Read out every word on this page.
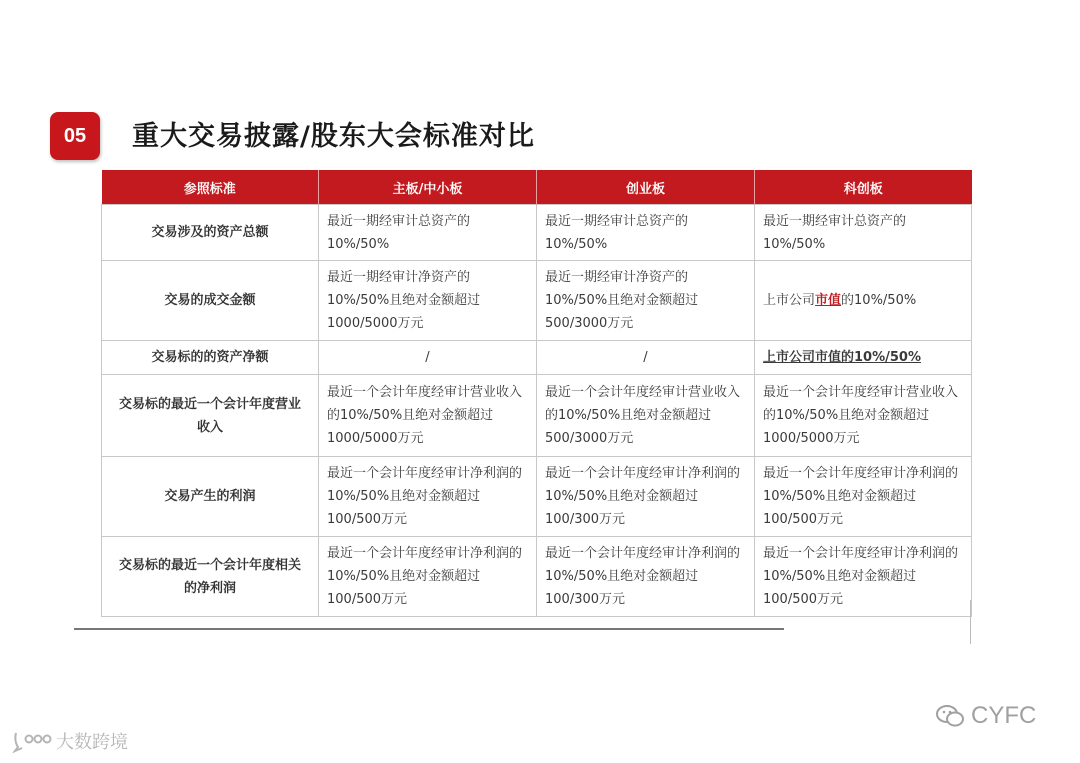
05	重大交易披露/股东大会标准对比
参照标准	主板/中小板	创业板	科创板
交易涉及的资产总额	最近一期经审计总资产的10%/50%	最近一期经审计总资产的10%/50%	最近一期经审计总资产的10%/50%
交易的成交金额	最近一期经审计净资产的10%/50%且绝对金额超过1000/5000万元	最近一期经审计净资产的10%/50%且绝对金额超过500/3000万元	上市公司市值的10%/50%
交易标的的资产净额	/	/	上市公司市值的10%/50%
交易标的最近一个会计年度营业收入	最近一个会计年度经审计营业收入的10%/50%且绝对金额超过1000/5000万元	最近一个会计年度经审计营业收入的10%/50%且绝对金额超过500/3000万元	最近一个会计年度经审计营业收入的10%/50%且绝对金额超过1000/5000万元
交易产生的利润	最近一个会计年度经审计净利润的10%/50%且绝对金额超过100/500万元	最近一个会计年度经审计净利润的10%/50%且绝对金额超过100/300万元	最近一个会计年度经审计净利润的10%/50%且绝对金额超过100/500万元
交易标的最近一个会计年度相关的净利润	最近一个会计年度经审计净利润的10%/50%且绝对金额超过100/500万元	最近一个会计年度经审计净利润的10%/50%且绝对金额超过100/300万元	最近一个会计年度经审计净利润的10%/50%且绝对金额超过100/500万元
大数跨境
CYFC
